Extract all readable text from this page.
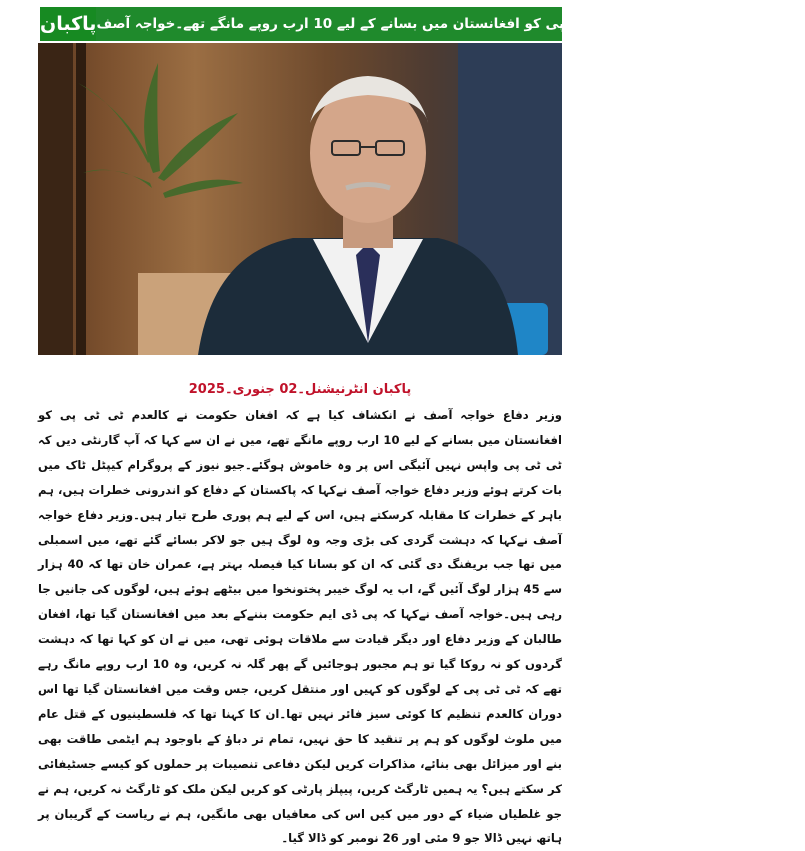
پاکبان افغان!ان حکومت نے کالعدم ٹی ٹی پی کو افغانستان میں بسانے کے لیے 10 ارب روپے مانگے تھے۔خواجہ آصف
پاکبان انٹرنیشنل۔02 جنوری۔2025

وزیر دفاع خواجہ آصف نے انکشاف کیا ہے کہ افغان حکومت نے کالعدم ٹی ٹی پی کو افغانستان میں بسانے کے لیے 10 ارب روپے مانگے تھے، میں نے ان سے کہا کہ آپ گارنٹی دیں کہ ٹی ٹی پی واپس نہیں آئیگی اس پر وہ خاموش ہوگئے۔جیو نیوز کے پروگرام کیپٹل ٹاک میں بات کرتے ہوئے وزیر دفاع خواجہ آصف نےکہا کہ پاکستان کے دفاع کو اندرونی خطرات ہیں، ہم باہر کے خطرات کا مقابلہ کرسکتے ہیں، اس کے لیے ہم پوری طرح تیار ہیں۔وزیر دفاع خواجہ آصف نےکہا کہ دہشت گردی کی بڑی وجہ وہ لوگ ہیں جو لاکر بسائے گئے تھے، میں اسمبلی میں تھا جب بریفنگ دی گئی کہ ان کو بسانا کیا فیصلہ بہتر ہے، عمران خان تھا کہ 40 ہزار سے 45 ہزار لوگ آئیں گے، اب یہ لوگ خیبر پختونخوا میں بیٹھے ہوئے ہیں، لوگوں کی جانیں جا رہی ہیں۔خواجہ آصف نےکہا کہ پی ڈی ایم حکومت بننےکے بعد میں افغانستان گیا تھا، افغان طالبان کے وزیر دفاع اور دیگر قیادت سے ملاقات ہوئی تھی، میں نے ان کو کہا تھا کہ دہشت گردوں کو نہ روکا گیا تو ہم مجبور ہوجائیں گے پھر گلہ نہ کریں، وہ 10 ارب روپے مانگ رہے تھے کہ ٹی ٹی پی کے لوگوں کو کہیں اور منتقل کریں، جس وقت میں افغانستان گیا تھا اس دوران کالعدم تنظیم کا کوئی سیز فائر نہیں تھا۔ان کا کہنا تھا کہ فلسطینیوں کے قتل عام میں ملوث لوگوں کو ہم پر تنقید کا حق نہیں، تمام تر دباؤ کے باوجود ہم ایٹمی طاقت بھی بنے اور میزائل بھی بنائے، مذاکرات کریں لیکن دفاعی تنصیبات پر حملوں کو کیسے جسٹیفائی کر سکتے ہیں؟ یہ ہمیں ٹارگٹ کریں، پیپلز پارٹی کو کریں لیکن ملک کو ٹارگٹ نہ کریں، ہم نے جو غلطیاں ضیاء کے دور میں کیں اس کی معافیاں بھی مانگیں، ہم نے ریاست کے گریبان پر ہاتھ نہیں ڈالا جو 9 مئی اور 26 نومبر کو ڈالا گیا۔
